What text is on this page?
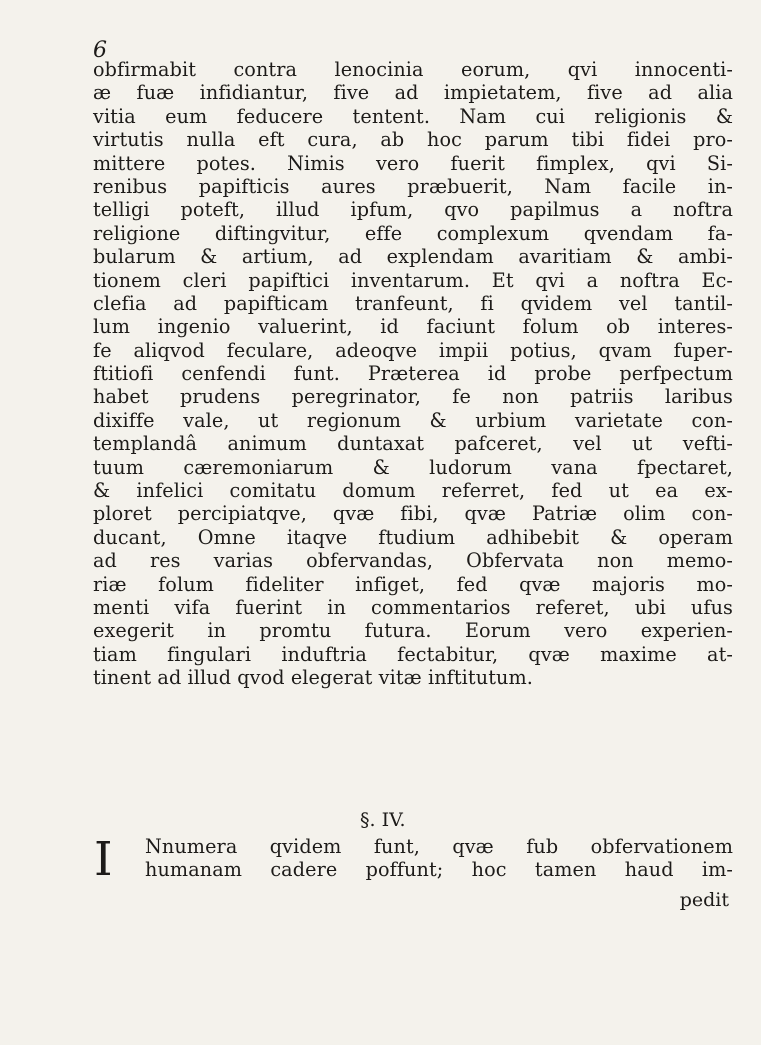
6
obfirmabit contra lenocinia eorum, qvi innocenti-
æ fuæ infidiantur, five ad impietatem, five ad alia
vitia eum feducere tentent. Nam cui religionis &
virtutis nulla eft cura, ab hoc parum tibi fidei pro-
mittere potes. Nimis vero fuerit fimplex, qvi Si-
renibus papifticis aures præbuerit, Nam facile in-
telligi poteft, illud ipfum, qvo papilmus a noftra
religione diftingvitur, effe complexum qvendam fa-
bularum & artium, ad explendam avaritiam & ambi-
tionem cleri papiftici inventarum. Et qvi a noftra Ec-
clefia ad papifticam tranfeunt, fi qvidem vel tantil-
lum ingenio valuerint, id faciunt folum ob interes-
fe aliqvod feculare, adeoqve impii potius, qvam fuper-
ftitiofi cenfendi funt. Præterea id probe perfpectum
habet prudens peregrinator, fe non patriis laribus
dixiffe vale, ut regionum & urbium varietate con-
templandâ animum duntaxat pafceret, vel ut vefti-
tuum cæremoniarum & ludorum vana fpectaret,
& infelici comitatu domum referret, fed ut ea ex-
ploret percipiatqve, qvæ fibi, qvæ Patriæ olim con-
ducant, Omne itaqve ftudium adhibebit & operam
ad res varias obfervandas, Obfervata non memo-
riæ folum fideliter infiget, fed qvæ majoris mo-
menti vifa fuerint in commentarios referet, ubi ufus
exegerit in promtu futura. Eorum vero experien-
tiam fingulari induftria fectabitur, qvæ maxime at-
tinent ad illud qvod elegerat vitæ inftitutum.
§. IV.
I Nnumera qvidem funt, qvæ fub obfervationem
humanam cadere poffunt; hoc tamen haud im-
pedit
